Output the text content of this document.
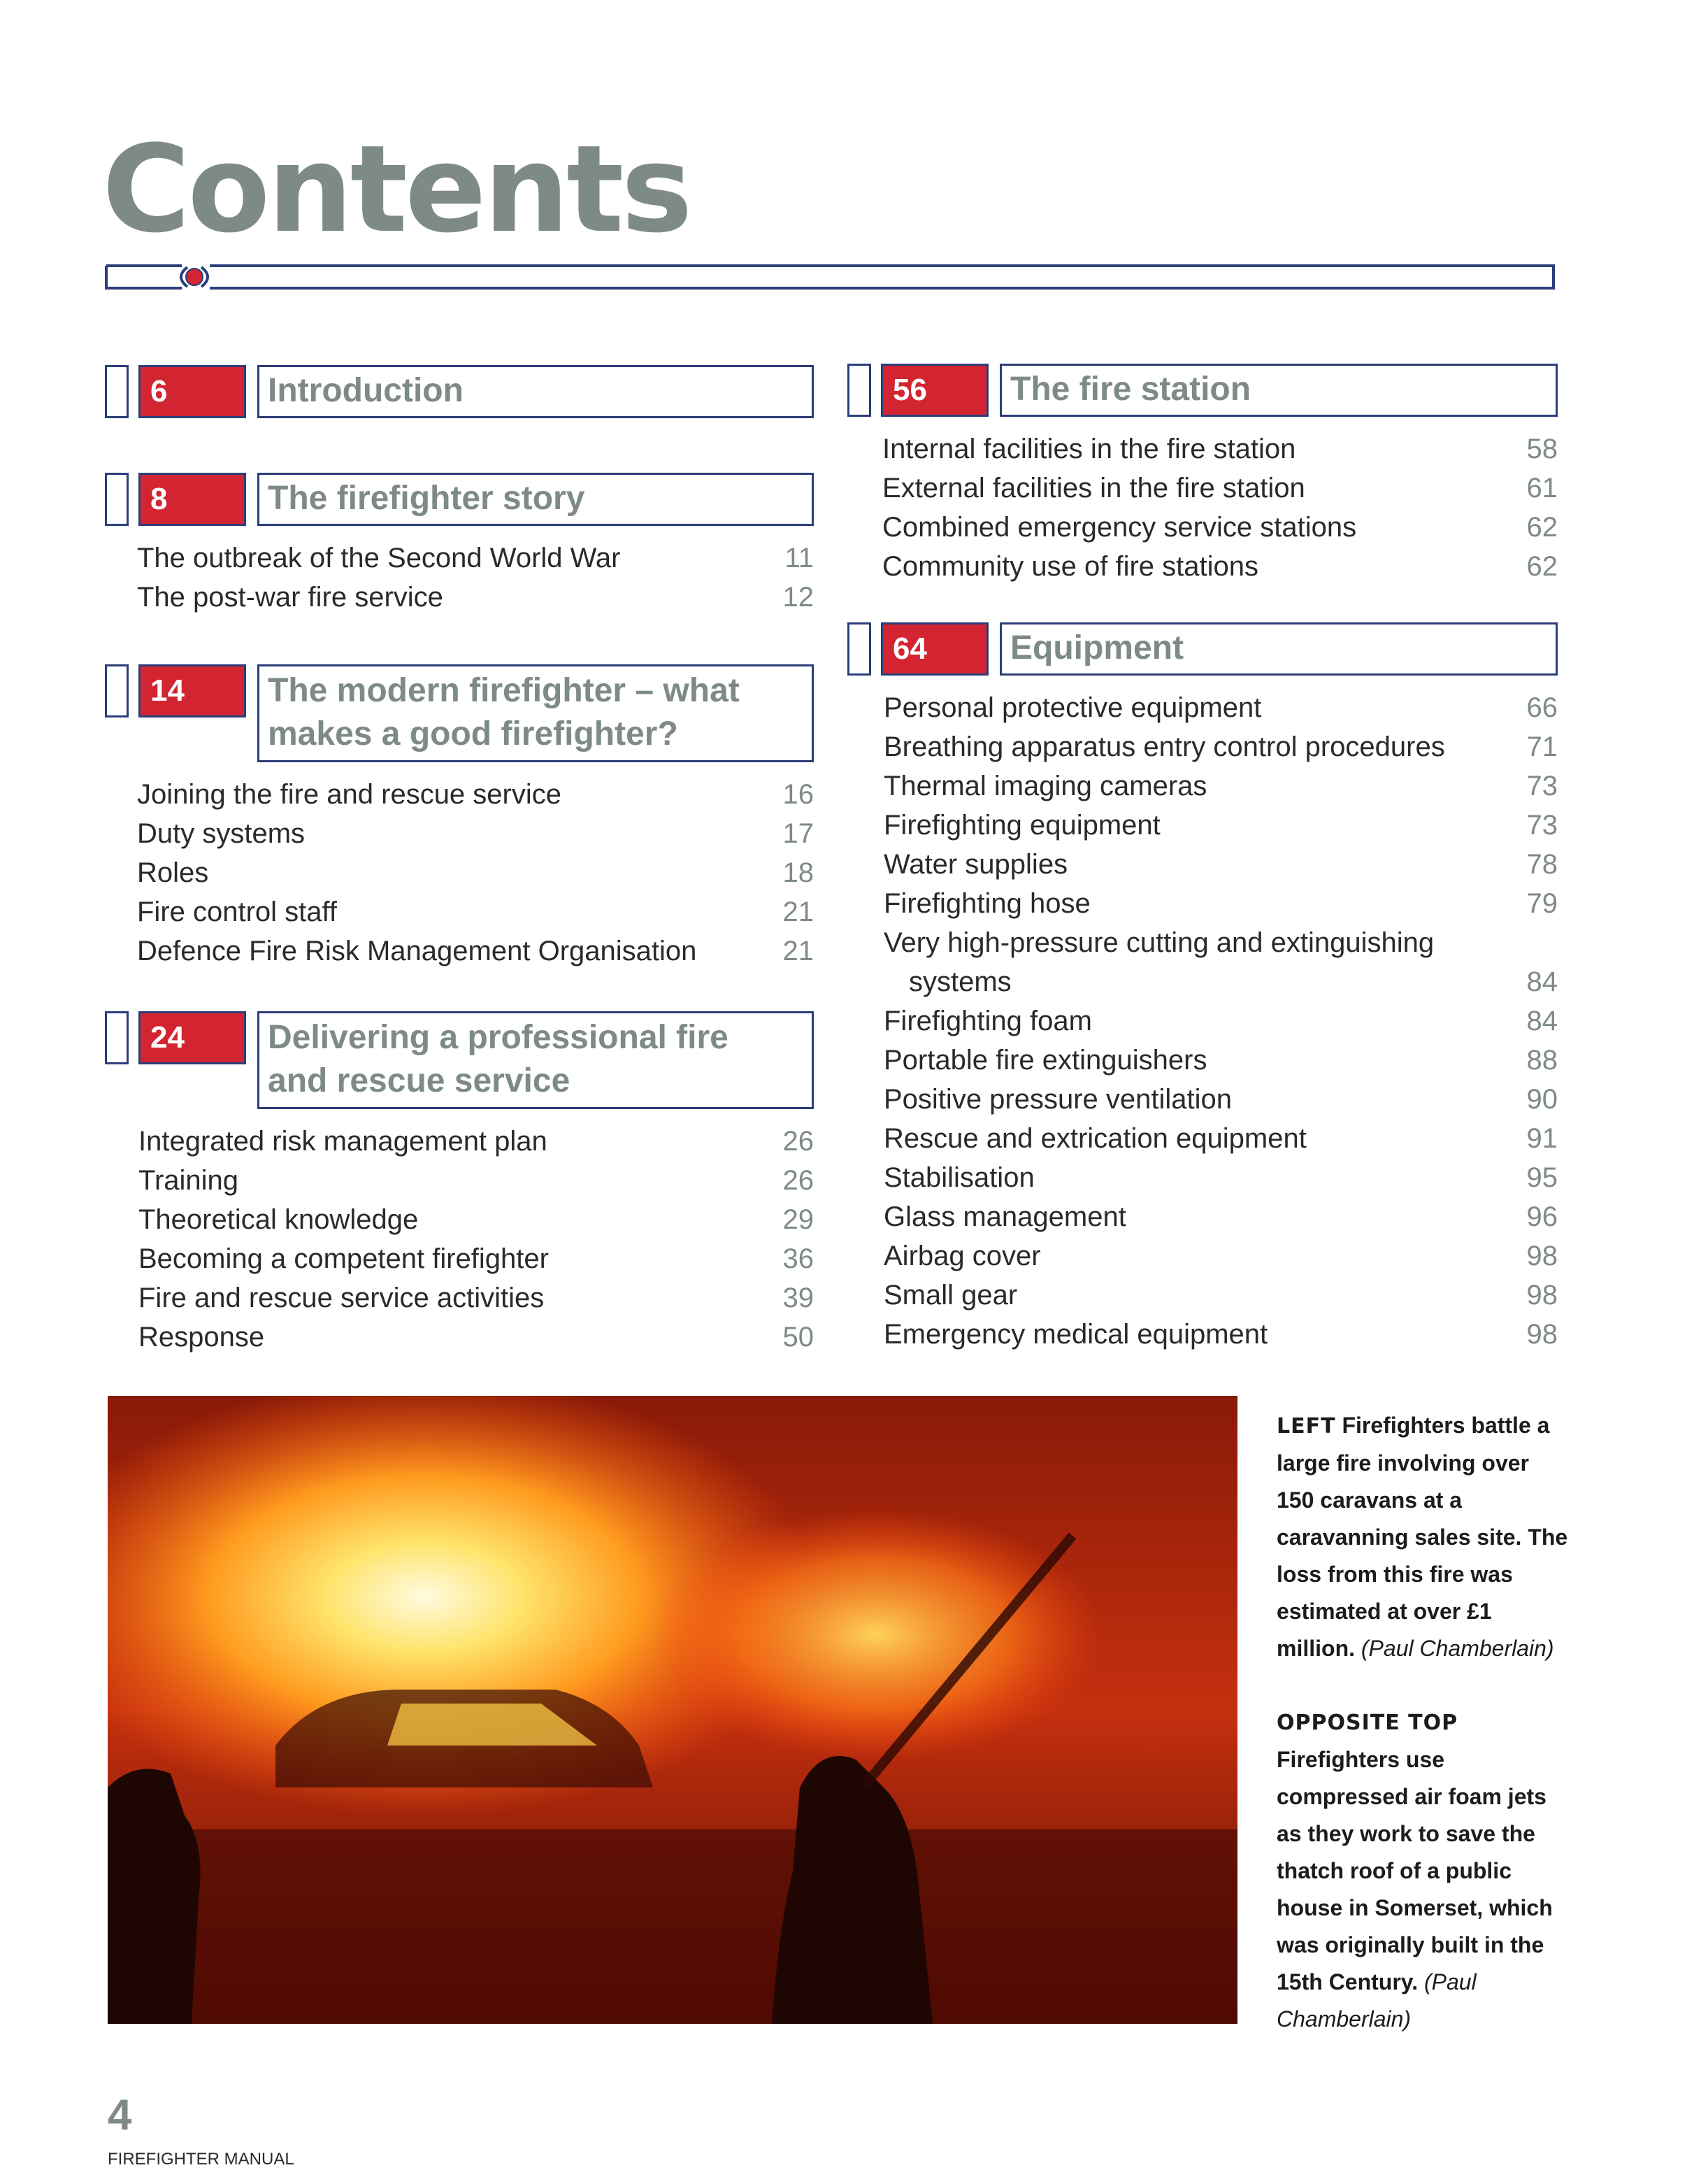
Contents
6	Introduction
8	The firefighter story
The outbreak of the Second World War	11
The post-war fire service	12
14	The modern firefighter – what
makes a good firefighter?
Joining the fire and rescue service	16
Duty systems	17
Roles	18
Fire control staff	21
Defence Fire Risk Management Organisation	21
24	Delivering a professional fire
and rescue service
Integrated risk management plan	26
Training	26
Theoretical knowledge	29
Becoming a competent firefighter	36
Fire and rescue service activities	39
Response	50
56	The fire station
Internal facilities in the fire station	58
External facilities in the fire station	61
Combined emergency service stations	62
Community use of fire stations	62
64	Equipment
Personal protective equipment	66
Breathing apparatus entry control procedures	71
Thermal imaging cameras	73
Firefighting equipment	73
Water supplies	78
Firefighting hose	79
Very high-pressure cutting and extinguishing
systems	84
Firefighting foam	84
Portable fire extinguishers	88
Positive pressure ventilation	90
Rescue and extrication equipment	91
Stabilisation	95
Glass management	96
Airbag cover	98
Small gear	98
Emergency medical equipment	98

LEFT Firefighters battle a large fire involving over 150 caravans at a caravanning sales site. The loss from this fire was estimated at over £1 million. (Paul Chamberlain)

OPPOSITE TOP
Firefighters use compressed air foam jets as they work to save the thatch roof of a public house in Somerset, which was originally built in the 15th Century. (Paul Chamberlain)

4
FIREFIGHTER MANUAL
